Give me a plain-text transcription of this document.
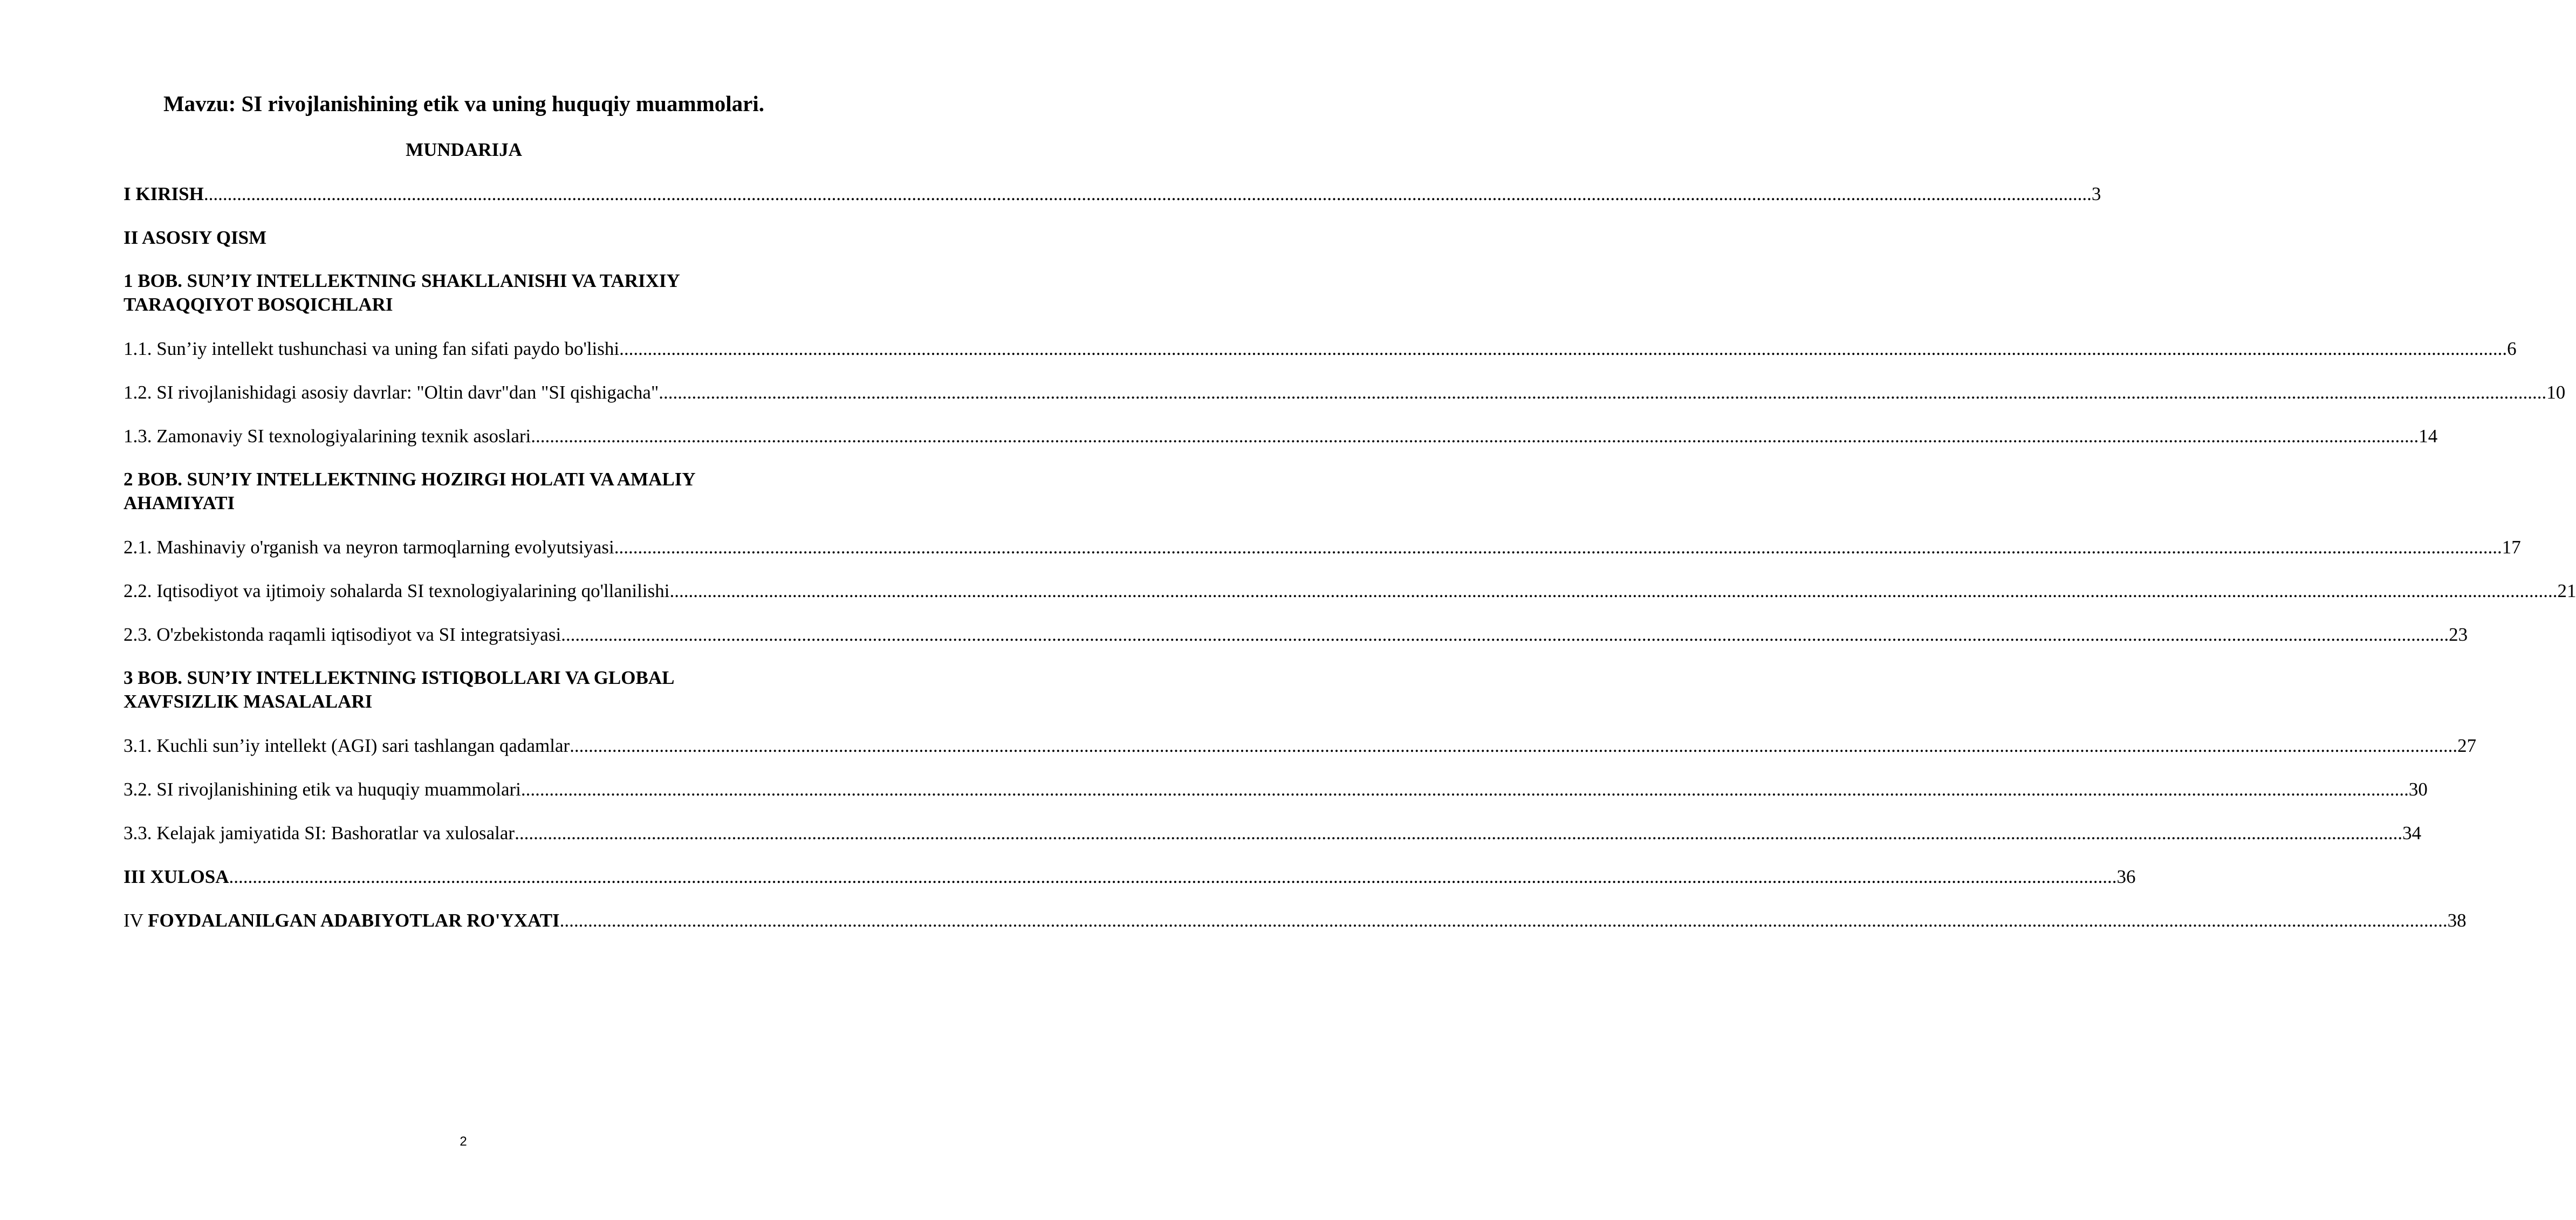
Mavzu: SI rivojlanishining etik va uning huquqiy muammolari.
MUNDARIJA
I KIRISH ................................................................................................................................................................................................................................................................................................................................................................................................................ 3
II ASOSIY QISM
1 BOB. SUN’IY INTELLEKTNING SHAKLLANISHI VA TARIXIY
TARAQQIYOT BOSQICHLARI
1.1. Sun’iy intellekt tushunchasi va uning fan sifati paydo bo'lishi ................................................................................................................................................................................................................................................................................................................................................................................................................ 6
1.2. SI rivojlanishidagi asosiy davrlar: "Oltin davr"dan "SI qishigacha" ................................................................................................................................................................................................................................................................................................................................................................................................................ 10
1.3. Zamonaviy SI texnologiyalarining texnik asoslari ................................................................................................................................................................................................................................................................................................................................................................................................................ 14
2 BOB. SUN’IY INTELLEKTNING HOZIRGI HOLATI VA AMALIY
AHAMIYATI
2.1. Mashinaviy o'rganish va neyron tarmoqlarning evolyutsiyasi ................................................................................................................................................................................................................................................................................................................................................................................................................ 17
2.2. Iqtisodiyot va ijtimoiy sohalarda SI texnologiyalarining qo'llanilishi ................................................................................................................................................................................................................................................................................................................................................................................................................ 21
2.3. O'zbekistonda raqamli iqtisodiyot va SI integratsiyasi ................................................................................................................................................................................................................................................................................................................................................................................................................ 23
3 BOB. SUN’IY INTELLEKTNING ISTIQBOLLARI VA GLOBAL
XAVFSIZLIK MASALALARI
3.1. Kuchli sun’iy intellekt (AGI) sari tashlangan qadamlar ................................................................................................................................................................................................................................................................................................................................................................................................................ 27
3.2. SI rivojlanishining etik va huquqiy muammolari ................................................................................................................................................................................................................................................................................................................................................................................................................ 30
3.3. Kelajak jamiyatida SI: Bashoratlar va xulosalar ................................................................................................................................................................................................................................................................................................................................................................................................................ 34
III XULOSA ................................................................................................................................................................................................................................................................................................................................................................................................................ 36
IV FOYDALANILGAN ADABIYOTLAR RO'YXATI ................................................................................................................................................................................................................................................................................................................................................................................................................ 38
2
